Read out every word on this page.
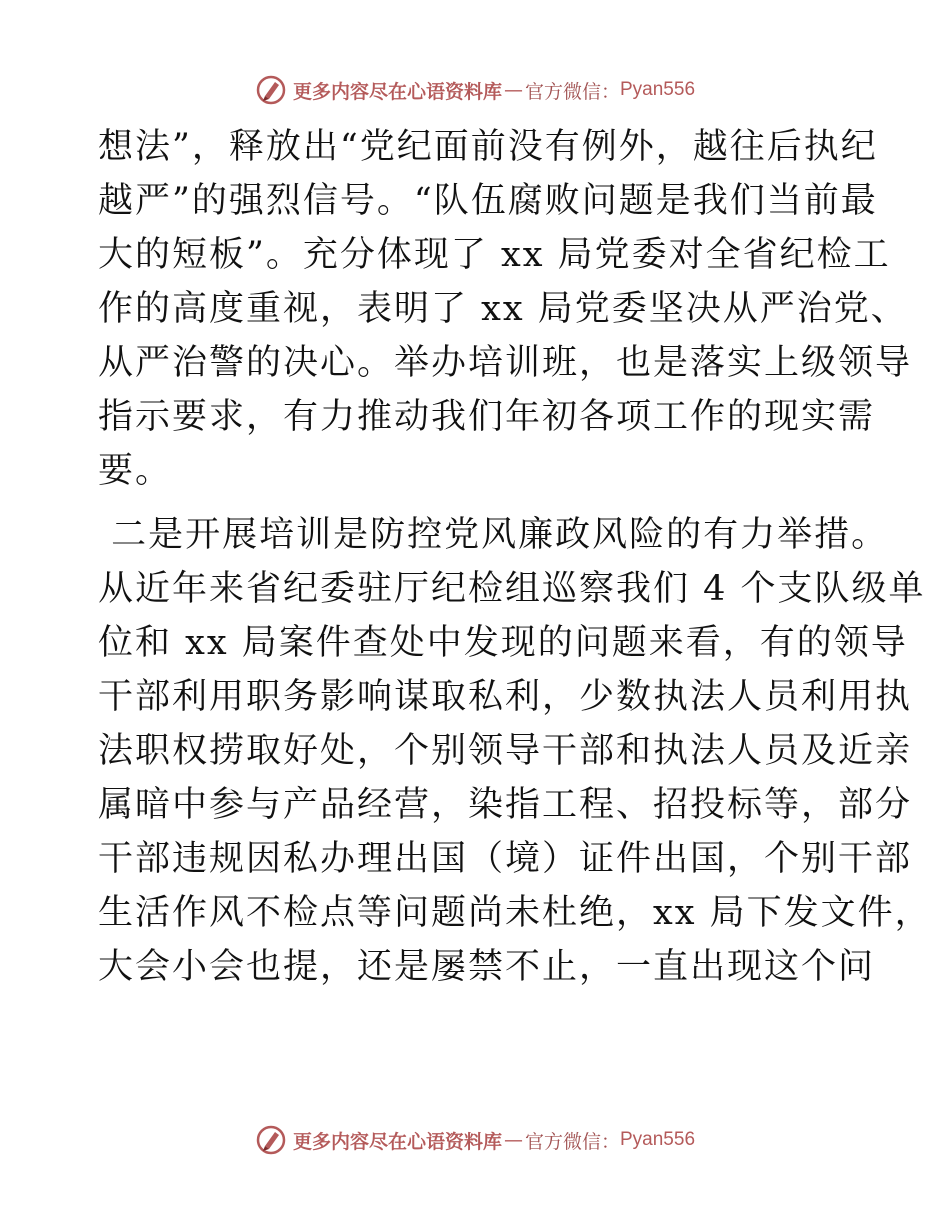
更多内容尽在心语资料库 — 官方微信： Pyan556
想法”，释放出“党纪面前没有例外，越往后执纪
越严”的强烈信号。“队伍腐败问题是我们当前最
大的短板”。充分体现了 xx 局党委对全省纪检工
作的高度重视，表明了 xx 局党委坚决从严治党、
从严治警的决心。举办培训班，也是落实上级领导
指示要求，有力推动我们年初各项工作的现实需
要。
二是开展培训是防控党风廉政风险的有力举措。
从近年来省纪委驻厅纪检组巡察我们 4 个支队级单
位和 xx 局案件查处中发现的问题来看，有的领导
干部利用职务影响谋取私利，少数执法人员利用执
法职权捞取好处，个别领导干部和执法人员及近亲
属暗中参与产品经营，染指工程、招投标等，部分
干部违规因私办理出国（境）证件出国，个别干部
生活作风不检点等问题尚未杜绝，xx 局下发文件，
大会小会也提，还是屡禁不止，一直出现这个问
更多内容尽在心语资料库 — 官方微信： Pyan556
